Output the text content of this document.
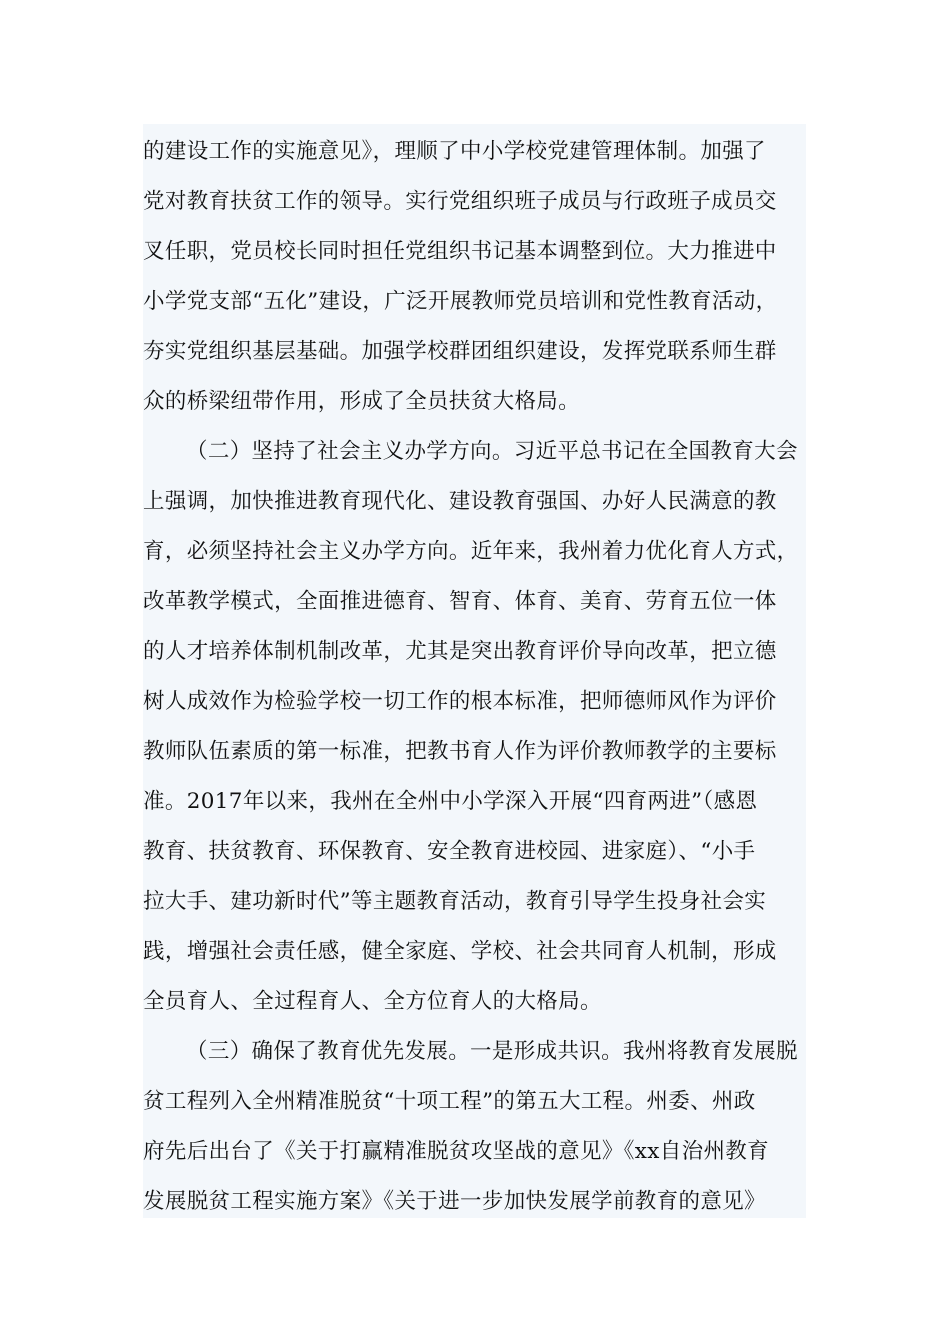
的建设工作的实施意见》，理顺了中小学校党建管理体制。加强了
党对教育扶贫工作的领导。实行党组织班子成员与行政班子成员交
叉任职，党员校长同时担任党组织书记基本调整到位。大力推进中
小学党支部“五化”建设，广泛开展教师党员培训和党性教育活动，
夯实党组织基层基础。加强学校群团组织建设，发挥党联系师生群
众的桥梁纽带作用，形成了全员扶贫大格局。
（二）坚持了社会主义办学方向。习近平总书记在全国教育大会
上强调，加快推进教育现代化、建设教育强国、办好人民满意的教
育，必须坚持社会主义办学方向。近年来，我州着力优化育人方式，
改革教学模式，全面推进德育、智育、体育、美育、劳育五位一体
的人才培养体制机制改革，尤其是突出教育评价导向改革，把立德
树人成效作为检验学校一切工作的根本标准，把师德师风作为评价
教师队伍素质的第一标准，把教书育人作为评价教师教学的主要标
准。2017年以来，我州在全州中小学深入开展“四育两进”（感恩
教育、扶贫教育、环保教育、安全教育进校园、进家庭）、“小手
拉大手、建功新时代”等主题教育活动，教育引导学生投身社会实
践，增强社会责任感，健全家庭、学校、社会共同育人机制，形成
全员育人、全过程育人、全方位育人的大格局。
（三）确保了教育优先发展。一是形成共识。我州将教育发展脱
贫工程列入全州精准脱贫“十项工程”的第五大工程。州委、州政
府先后出台了《关于打赢精准脱贫攻坚战的意见》《xx自治州教育
发展脱贫工程实施方案》《关于进一步加快发展学前教育的意见》
